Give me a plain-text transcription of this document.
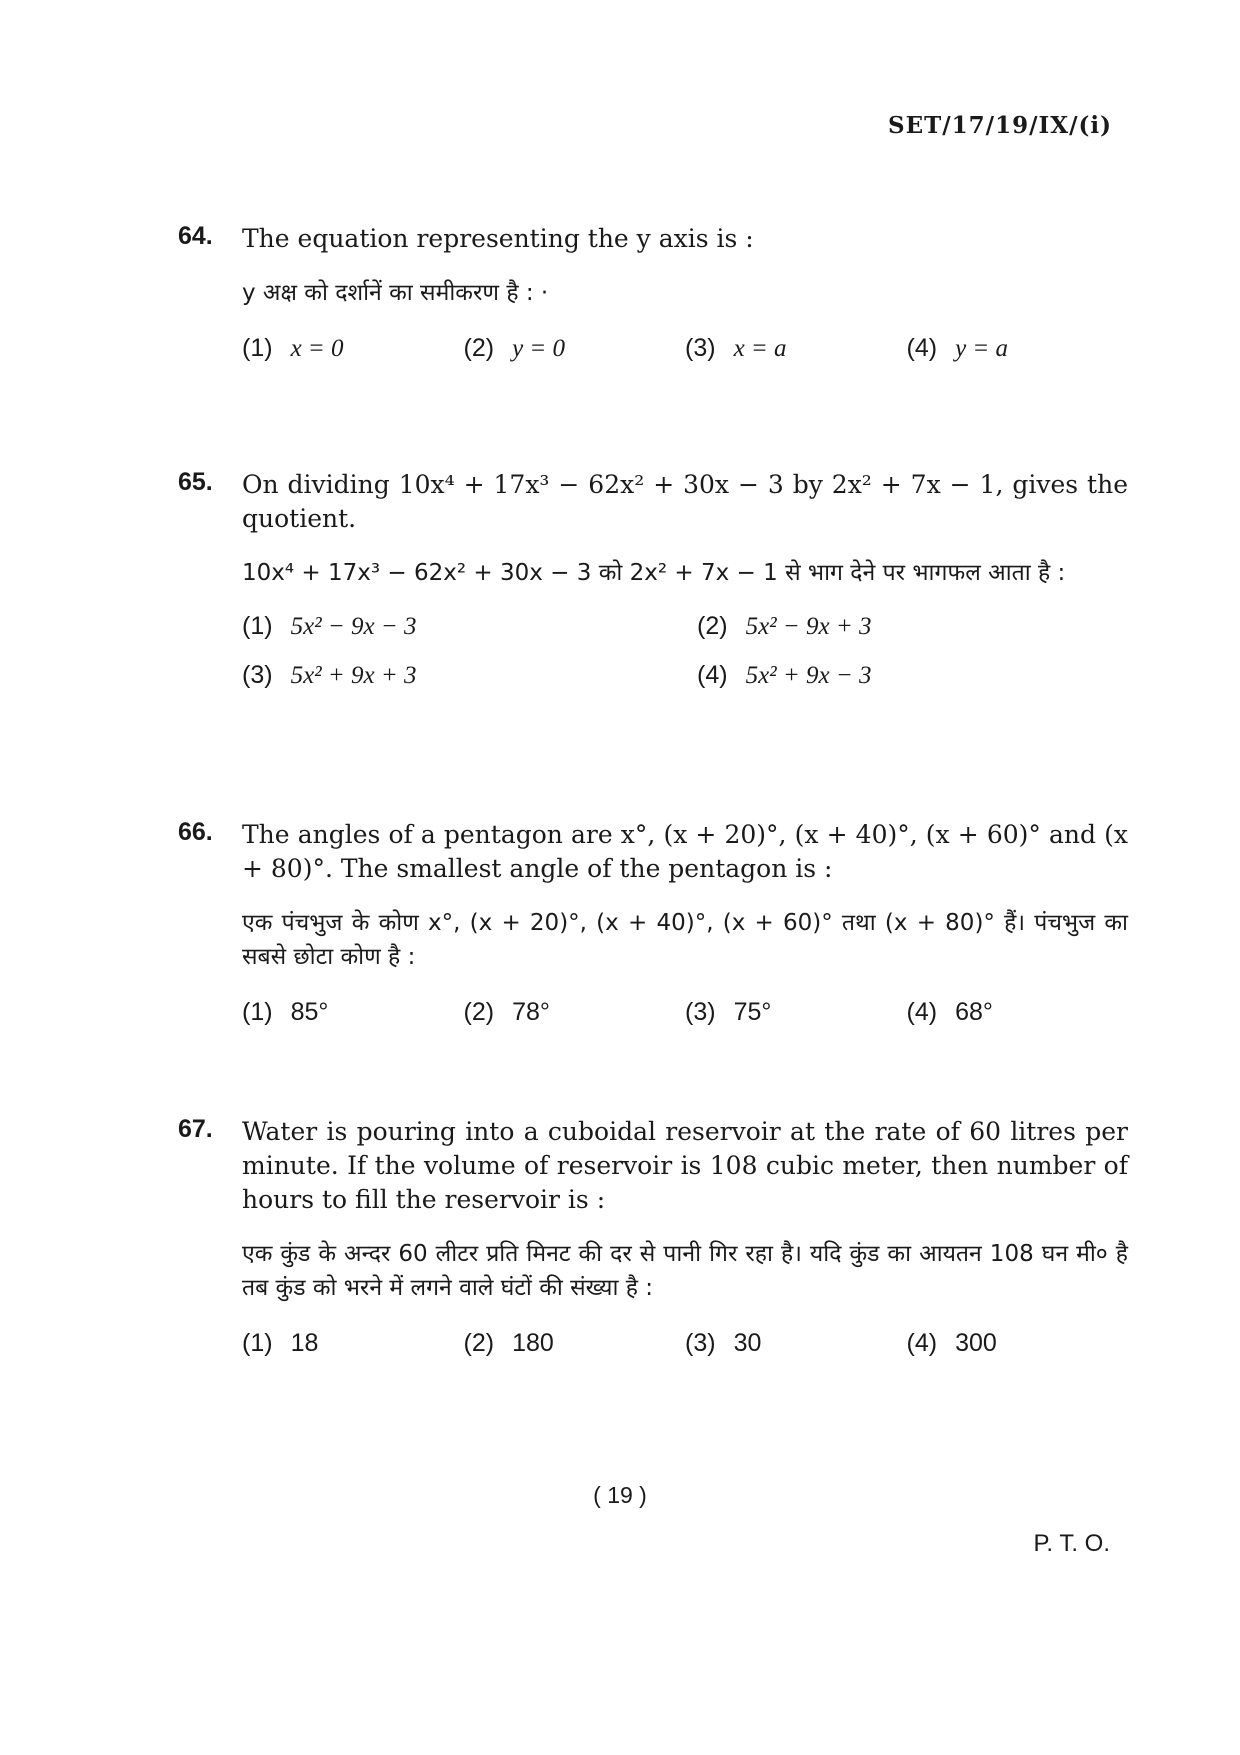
SET/17/19/IX/(i)
64. The equation representing the y axis is :

y अक्ष को दर्शानें का समीकरण है : ·

(1) x = 0	(2) y = 0	(3) x = a	(4) y = a
65. On dividing 10x⁴ + 17x³ − 62x² + 30x − 3 by 2x² + 7x − 1, gives the quotient.

10x⁴ + 17x³ − 62x² + 30x − 3 को 2x² + 7x − 1 से भाग देने पर भागफल आता है :

(1) 5x² − 9x − 3	(2) 5x² − 9x + 3
(3) 5x² + 9x + 3	(4) 5x² + 9x − 3
66. The angles of a pentagon are x°, (x + 20)°, (x + 40)°, (x + 60)° and (x + 80)°. The smallest angle of the pentagon is :

एक पंचभुज के कोण x°, (x + 20)°, (x + 40)°, (x + 60)° तथा (x + 80)° हैं। पंचभुज का सबसे छोटा कोण है :

(1) 85°	(2) 78°	(3) 75°	(4) 68°
67. Water is pouring into a cuboidal reservoir at the rate of 60 litres per minute. If the volume of reservoir is 108 cubic meter, then number of hours to fill the reservoir is :

एक कुंड के अन्दर 60 लीटर प्रति मिनट की दर से पानी गिर रहा है। यदि कुंड का आयतन 108 घन मी० है तब कुंड को भरने में लगने वाले घंटों की संख्या है :

(1) 18	(2) 180	(3) 30	(4) 300
( 19 )
P. T. O.
